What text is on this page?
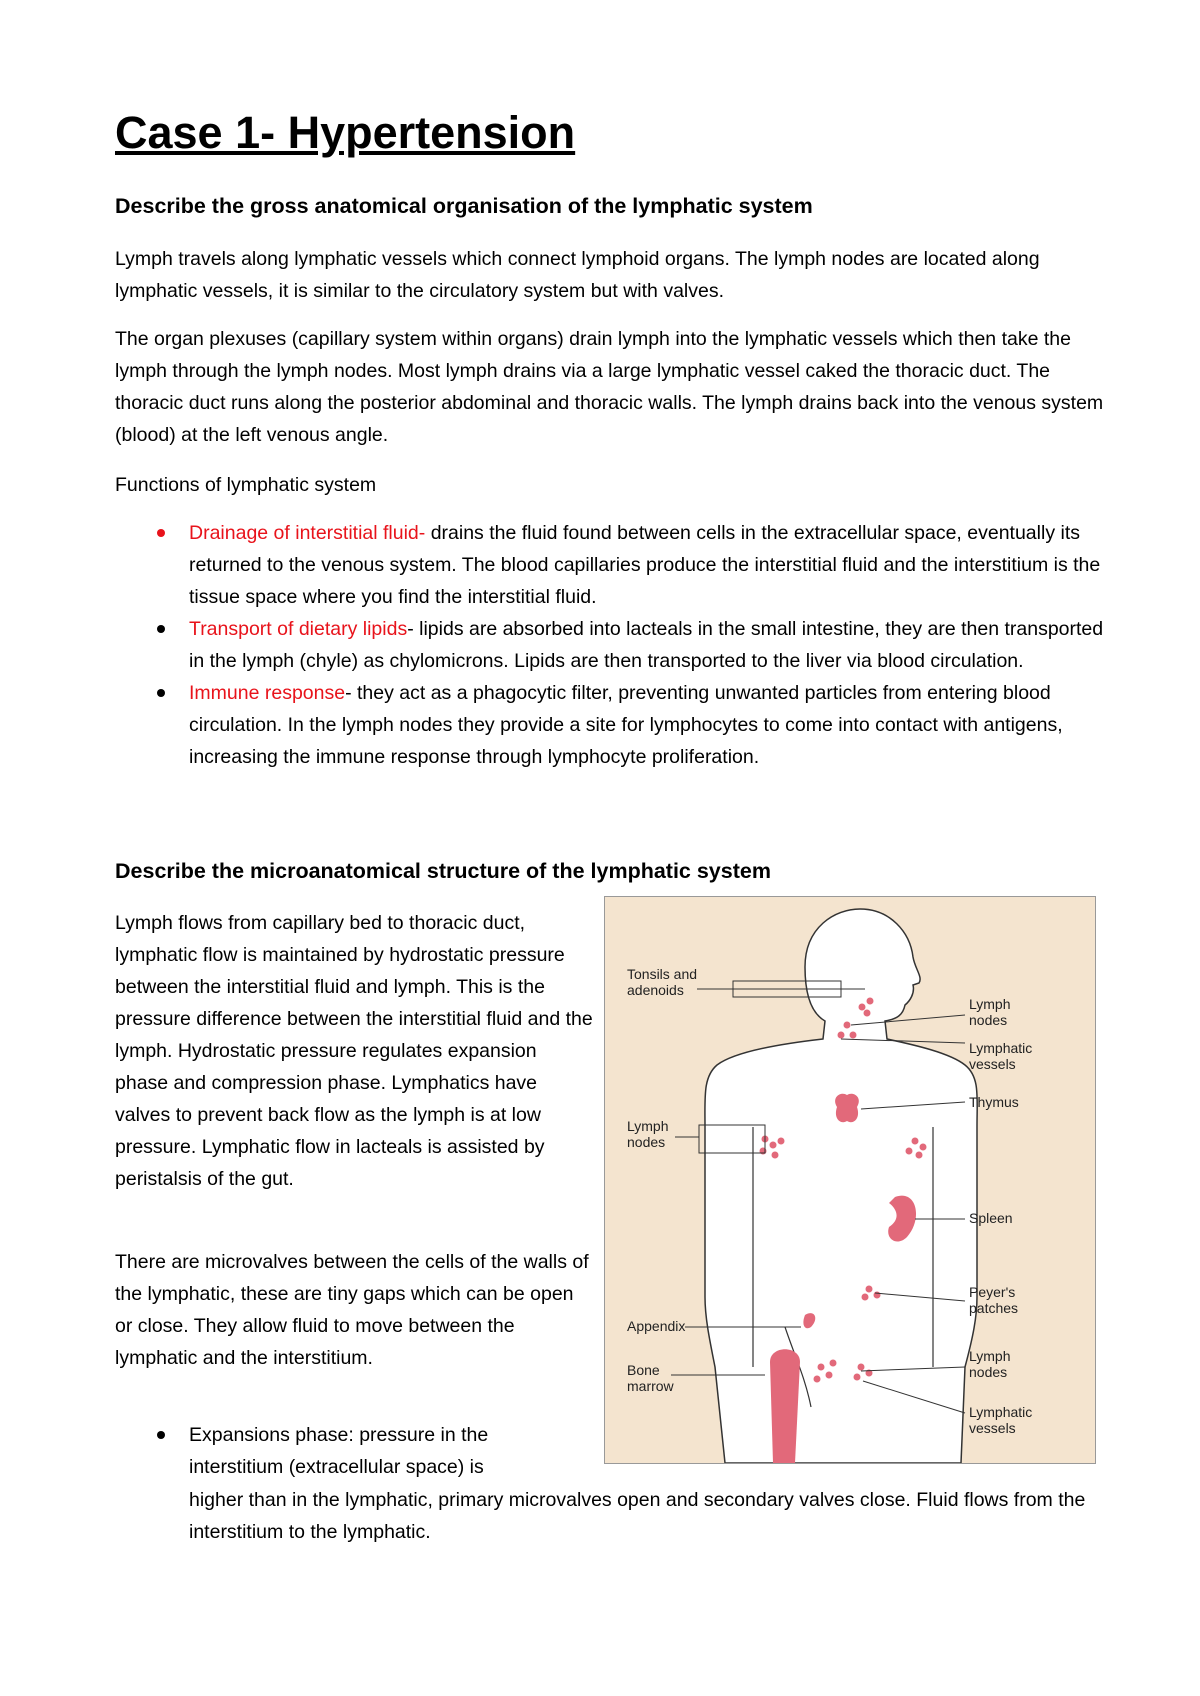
Case 1- Hypertension
Describe the gross anatomical organisation of the lymphatic system

Lymph travels along lymphatic vessels which connect lymphoid organs. The lymph nodes are located along lymphatic vessels, it is similar to the circulatory system but with valves.

The organ plexuses (capillary system within organs) drain lymph into the lymphatic vessels which then take the lymph through the lymph nodes. Most lymph drains via a large lymphatic vessel caked the thoracic duct. The thoracic duct runs along the posterior abdominal and thoracic walls. The lymph drains back into the venous system (blood) at the left venous angle.

Functions of lymphatic system

Drainage of interstitial fluid- drains the fluid found between cells in the extracellular space, eventually its returned to the venous system. The blood capillaries produce the interstitial fluid and the interstitium is the tissue space where you find the interstitial fluid.
Transport of dietary lipids- lipids are absorbed into lacteals in the small intestine, they are then transported in the lymph (chyle) as chylomicrons. Lipids are then transported to the liver via blood circulation.
Immune response- they act as a phagocytic filter, preventing unwanted particles from entering blood circulation. In the lymph nodes they provide a site for lymphocytes to come into contact with antigens, increasing the immune response through lymphocyte proliferation.
Describe the microanatomical structure of the lymphatic system

Lymph flows from capillary bed to thoracic duct, lymphatic flow is maintained by hydrostatic pressure between the interstitial fluid and lymph. This is the pressure difference between the interstitial fluid and the lymph. Hydrostatic pressure regulates expansion phase and compression phase. Lymphatics have valves to prevent back flow as the lymph is at low pressure. Lymphatic flow in lacteals is assisted by peristalsis of the gut.

There are microvalves between the cells of the walls of the lymphatic, these are tiny gaps which can be open or close. They allow fluid to move between the lymphatic and the interstitium.

Expansions phase: pressure in the interstitium (extracellular space) is

higher than in the lymphatic, primary microvalves open and secondary valves close. Fluid flows from the interstitium to the lymphatic.

Tonsils and
adenoids
Lymph
nodes
Lymphatic
vessels
Thymus
Lymph
nodes
Spleen
Peyer's
patches
Appendix
Bone
marrow
Lymph
nodes
Lymphatic
vessels
